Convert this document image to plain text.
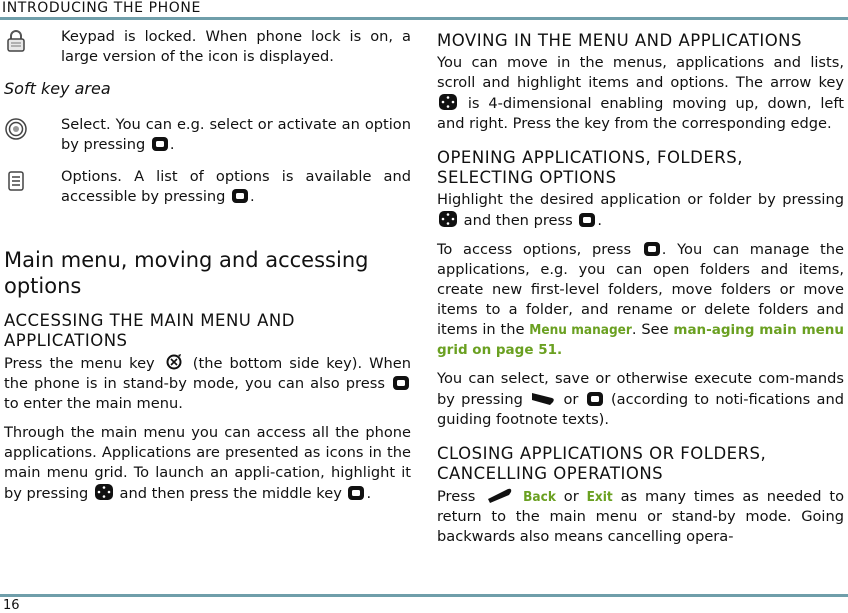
INTRODUCING THE PHONE

Keypad is locked. When phone lock is on, a large version of the icon is displayed.

Soft key area

Select. You can e.g. select or activate an option by pressing .

Options. A list of options is available and accessible by pressing .

Main menu, moving and accessing options
ACCESSING THE MAIN MENU AND APPLICATIONS

Press the menu key	(the bottom side key). When the phone is in stand-by mode, you can also press  to enter the main menu.

Through the main menu you can access all the phone applications. Applications are presented as icons in the main menu grid. To launch an appli-cation, highlight it by pressing and then press the middle key .

MOVING IN THE MENU AND APPLICATIONS

You can move in the menus, applications and lists, scroll and highlight items and options. The arrow key  is 4-dimensional enabling moving up, down, left and right. Press the key from the corresponding edge.

OPENING APPLICATIONS, FOLDERS, SELECTING OPTIONS

Highlight the desired application or folder by pressing  and then press .

To access options, press . You can manage the applications, e.g. you can open folders and items, create new first-level folders, move folders or move items to a folder, and rename or delete folders and items in the Menu manager. See man-aging main menu grid on page 51.

You can select, save or otherwise execute com-mands by pressing	or (according to noti-fications and guiding footnote texts).

CLOSING APPLICATIONS OR FOLDERS, CANCELLING OPERATIONS

Press	Back or Exit as many times as needed to return to the main menu or stand-by mode. Going backwards also means cancelling opera-

16
